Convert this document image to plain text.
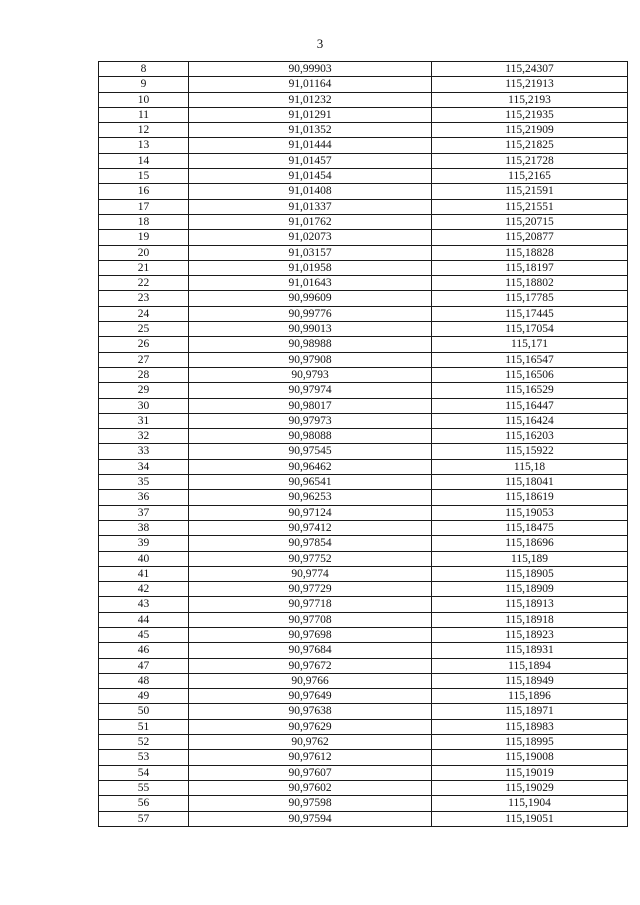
3
8	90,99903	115,24307
9	91,01164	115,21913
10	91,01232	115,2193
11	91,01291	115,21935
12	91,01352	115,21909
13	91,01444	115,21825
14	91,01457	115,21728
15	91,01454	115,2165
16	91,01408	115,21591
17	91,01337	115,21551
18	91,01762	115,20715
19	91,02073	115,20877
20	91,03157	115,18828
21	91,01958	115,18197
22	91,01643	115,18802
23	90,99609	115,17785
24	90,99776	115,17445
25	90,99013	115,17054
26	90,98988	115,171
27	90,97908	115,16547
28	90,9793	115,16506
29	90,97974	115,16529
30	90,98017	115,16447
31	90,97973	115,16424
32	90,98088	115,16203
33	90,97545	115,15922
34	90,96462	115,18
35	90,96541	115,18041
36	90,96253	115,18619
37	90,97124	115,19053
38	90,97412	115,18475
39	90,97854	115,18696
40	90,97752	115,189
41	90,9774	115,18905
42	90,97729	115,18909
43	90,97718	115,18913
44	90,97708	115,18918
45	90,97698	115,18923
46	90,97684	115,18931
47	90,97672	115,1894
48	90,9766	115,18949
49	90,97649	115,1896
50	90,97638	115,18971
51	90,97629	115,18983
52	90,9762	115,18995
53	90,97612	115,19008
54	90,97607	115,19019
55	90,97602	115,19029
56	90,97598	115,1904
57	90,97594	115,19051
